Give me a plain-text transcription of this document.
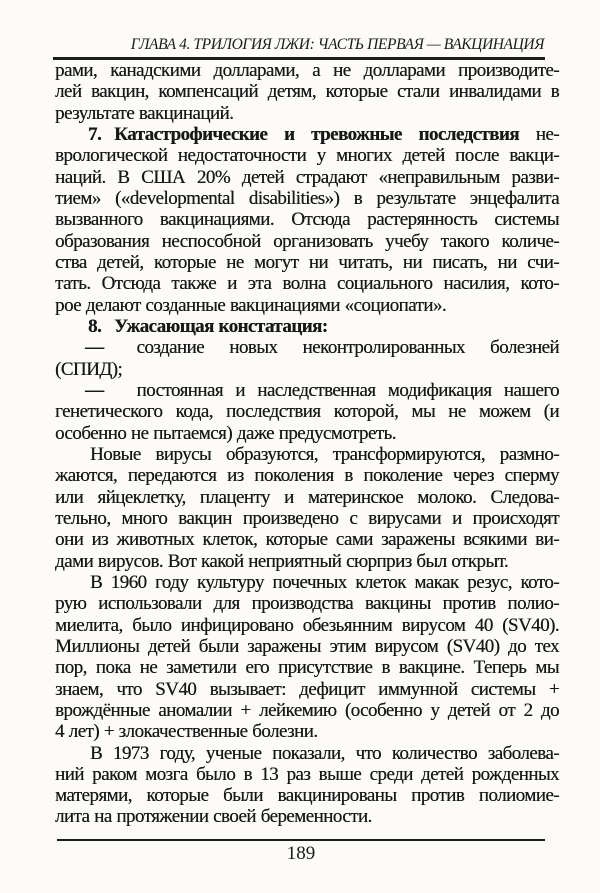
ГЛАВА 4. ТРИЛОГИЯ ЛЖИ: ЧАСТЬ ПЕРВАЯ — ВАКЦИНАЦИЯ
рами, канадскими долларами, а не долларами производите-
лей вакцин, компенсаций детям, которые стали инвалидами в
результате вакцинаций.
7. Катастрофические и тревожные последствия не-
врологической недостаточности у многих детей после вакци-
наций. В США 20% детей страдают «неправильным разви-
тием» («developmental disabilities») в результате энцефалита
вызванного вакцинациями. Отсюда растерянность системы
образования неспособной организовать учебу такого количе-
ства детей, которые не могут ни читать, ни писать, ни счи-
тать. Отсюда также и эта волна социального насилия, кото-
рое делают созданные вакцинациями «социопати».
8. Ужасающая констатация:
— создание новых неконтролированных болезней
(СПИД);
— постоянная и наследственная модификация нашего
генетического кода, последствия которой, мы не можем (и
особенно не пытаемся) даже предусмотреть.
Новые вирусы образуются, трансформируются, размно-
жаются, передаются из поколения в поколение через сперму
или яйцеклетку, плаценту и материнское молоко. Следова-
тельно, много вакцин произведено с вирусами и происходят
они из животных клеток, которые сами заражены всякими ви-
дами вирусов. Вот какой неприятный сюрприз был открыт.
В 1960 году культуру почечных клеток макак резус, кото-
рую использовали для производства вакцины против полио-
миелита, было инфицировано обезьянним вирусом 40 (SV40).
Миллионы детей были заражены этим вирусом (SV40) до тех
пор, пока не заметили его присутствие в вакцине. Теперь мы
знаем, что SV40 вызывает: дефицит иммунной системы +
врождённые аномалии + лейкемию (особенно у детей от 2 до
4 лет) + злокачественные болезни.
В 1973 году, ученые показали, что количество заболева-
ний раком мозга было в 13 раз выше среди детей рожденных
матерями, которые были вакцинированы против полиомие-
лита на протяжении своей беременности.
189
